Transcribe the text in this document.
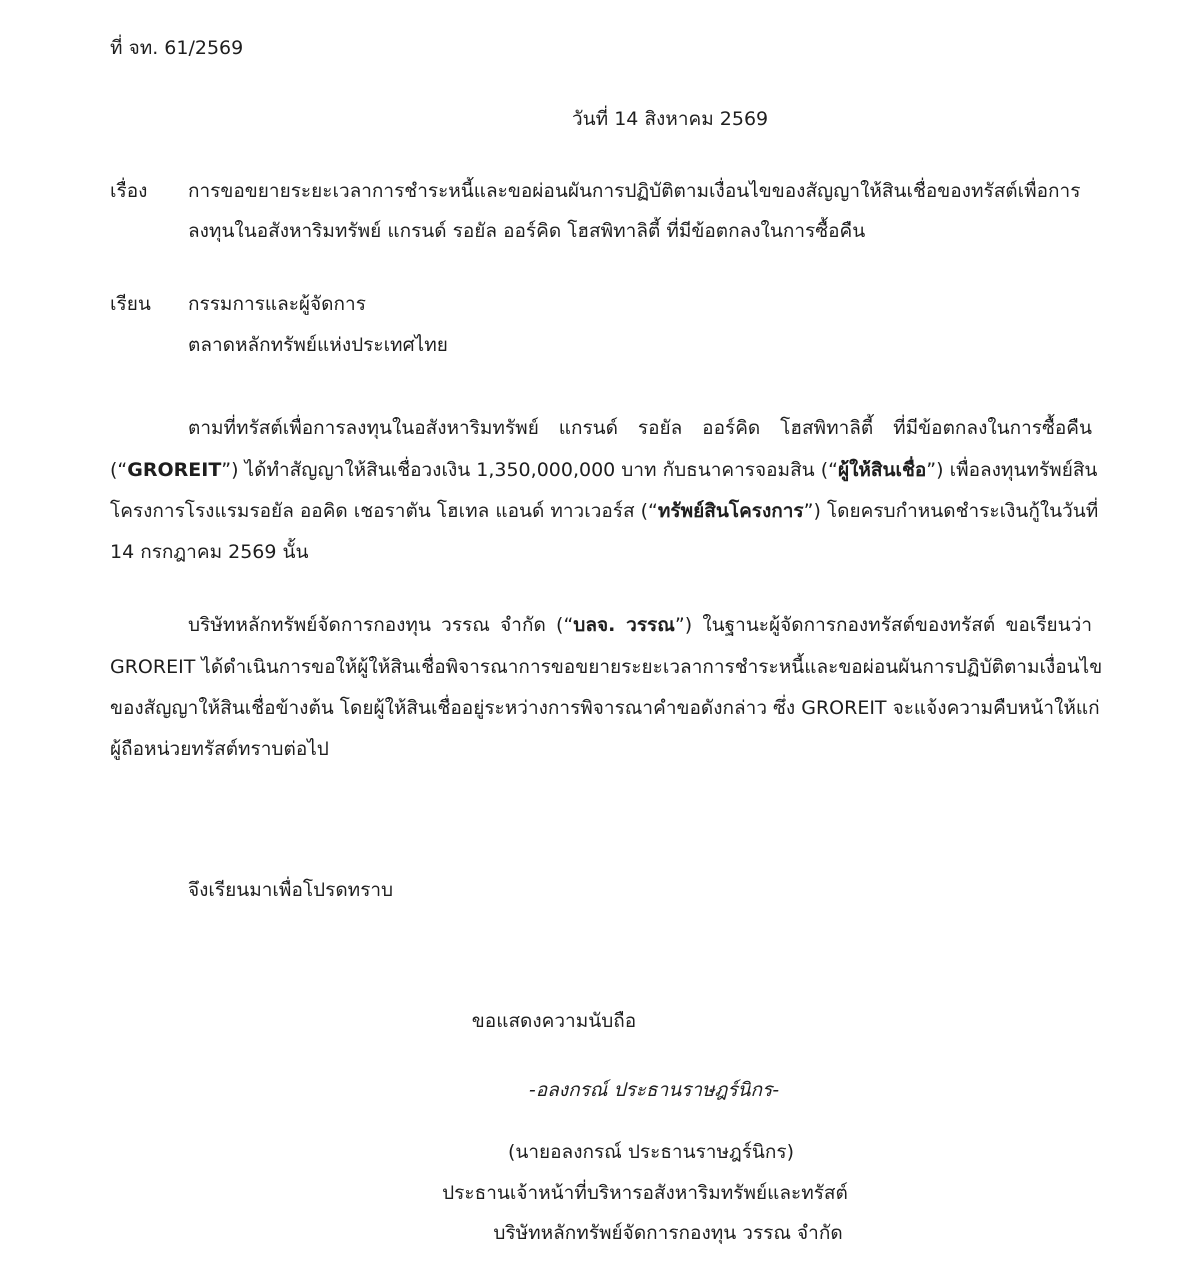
ที่ จท. 61/2569
วันที่ 14 สิงหาคม 2569
เรื่อง การขอขยายระยะเวลาการชำระหนี้และขอผ่อนผันการปฏิบัติตามเงื่อนไขของสัญญาให้สินเชื่อของทรัสต์เพื่อการ
ลงทุนในอสังหาริมทรัพย์ แกรนด์ รอยัล ออร์คิด โฮสพิทาลิตี้ ที่มีข้อตกลงในการซื้อคืน
เรียน กรรมการและผู้จัดการ
ตลาดหลักทรัพย์แห่งประเทศไทย
ตามที่ทรัสต์เพื่อการลงทุนในอสังหาริมทรัพย์ แกรนด์ รอยัล ออร์คิด โฮสพิทาลิตี้ ที่มีข้อตกลงในการซื้อคืน
(“GROREIT”) ได้ทำสัญญาให้สินเชื่อวงเงิน 1,350,000,000 บาท กับธนาคารจอมสิน (“ผู้ให้สินเชื่อ”) เพื่อลงทุนทรัพย์สิน
โครงการโรงแรมรอยัล ออคิด เชอราตัน โฮเทล แอนด์ ทาวเวอร์ส (“ทรัพย์สินโครงการ”) โดยครบกำหนดชำระเงินกู้ในวันที่
14 กรกฎาคม 2569 นั้น
บริษัทหลักทรัพย์จัดการกองทุน วรรณ จำกัด (“บลจ. วรรณ”) ในฐานะผู้จัดการกองทรัสต์ของทรัสต์ ขอเรียนว่า
GROREIT ได้ดำเนินการขอให้ผู้ให้สินเชื่อพิจารณาการขอขยายระยะเวลาการชำระหนี้และขอผ่อนผันการปฏิบัติตามเงื่อนไข
ของสัญญาให้สินเชื่อข้างต้น โดยผู้ให้สินเชื่ออยู่ระหว่างการพิจารณาคำขอดังกล่าว ซึ่ง GROREIT จะแจ้งความคืบหน้าให้แก่
ผู้ถือหน่วยทรัสต์ทราบต่อไป
จึงเรียนมาเพื่อโปรดทราบ
ขอแสดงความนับถือ
-อลงกรณ์ ประธานราษฎร์นิกร-
(นายอลงกรณ์ ประธานราษฎร์นิกร)
ประธานเจ้าหน้าที่บริหารอสังหาริมทรัพย์และทรัสต์
บริษัทหลักทรัพย์จัดการกองทุน วรรณ จำกัด
